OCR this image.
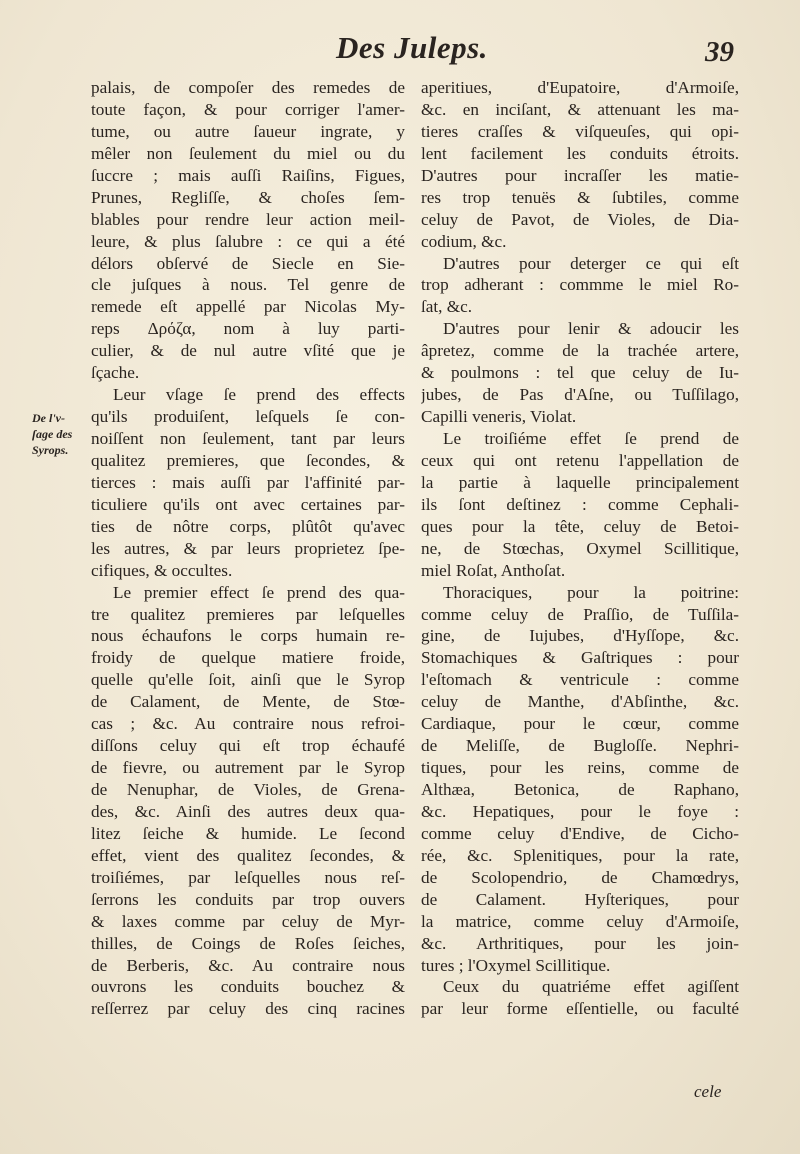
Des Juleps.	39
De l'v-
ſage des
Syrops.
palais, de compoſer des remedes de
toute façon, & pour corriger l'amer-
tume, ou autre ſaueur ingrate, y
mêler non ſeulement du miel ou du
ſuccre ; mais auſſi Raiſins, Figues,
Prunes, Regliſſe, & choſes ſem-
blables pour rendre leur action meil-
leure, & plus ſalubre : ce qui a été
délors obſervé de Siecle en Sie-
cle juſques à nous. Tel genre de
remede eſt appellé par Nicolas My-
reps Δρόζα, nom à luy parti-
culier, & de nul autre vſité que je
ſçache.
Leur vſage ſe prend des effects
qu'ils produiſent, leſquels ſe con-
noiſſent non ſeulement, tant par leurs
qualitez premieres, que ſecondes, &
tierces : mais auſſi par l'affinité par-
ticuliere qu'ils ont avec certaines par-
ties de nôtre corps, plûtôt qu'avec
les autres, & par leurs proprietez ſpe-
cifiques, & occultes.
Le premier effect ſe prend des qua-
tre qualitez premieres par leſquelles
nous échaufons le corps humain re-
froidy de quelque matiere froide,
quelle qu'elle ſoit, ainſi que le Syrop
de Calament, de Mente, de Stœ-
cas ; &c. Au contraire nous refroi-
diſſons celuy qui eſt trop échaufé
de fievre, ou autrement par le Syrop
de Nenuphar, de Violes, de Grena-
des, &c. Ainſi des autres deux qua-
litez ſeiche & humide. Le ſecond
effet, vient des qualitez ſecondes, &
troiſiémes, par leſquelles nous reſ-
ſerrons les conduits par trop ouvers
& laxes comme par celuy de Myr-
thilles, de Coings de Roſes ſeiches,
de Berberis, &c. Au contraire nous
ouvrons les conduits bouchez &
reſſerrez par celuy des cinq racines
aperitiues, d'Eupatoire, d'Armoiſe,
&c. en inciſant, & attenuant les ma-
tieres craſſes & viſqueuſes, qui opi-
lent facilement les conduits étroits.
D'autres pour incraſſer les matie-
res trop tenuës & ſubtiles, comme
celuy de Pavot, de Violes, de Dia-
codium, &c.
D'autres pour deterger ce qui eſt
trop adherant : commme le miel Ro-
ſat, &c.
D'autres pour lenir & adoucir les
âpretez, comme de la trachée artere,
& poulmons : tel que celuy de Iu-
jubes, de Pas d'Aſne, ou Tuſſilago,
Capilli veneris, Violat.
Le troiſiéme effet ſe prend de
ceux qui ont retenu l'appellation de
la partie à laquelle principalement
ils ſont deſtinez : comme Cephali-
ques pour la tête, celuy de Betoi-
ne, de Stœchas, Oxymel Scillitique,
miel Roſat, Anthoſat.
Thoraciques, pour la poitrine:
comme celuy de Praſſio, de Tuſſila-
gine, de Iujubes, d'Hyſſope, &c.
Stomachiques & Gaſtriques : pour
l'eſtomach & ventricule : comme
celuy de Manthe, d'Abſinthe, &c.
Cardiaque, pour le cœur, comme
de Meliſſe, de Bugloſſe. Nephri-
tiques, pour les reins, comme de
Althæa, Betonica, de Raphano,
&c. Hepatiques, pour le foye :
comme celuy d'Endive, de Cicho-
rée, &c. Splenitiques, pour la rate,
de Scolopendrio, de Chamœdrys,
de Calament. Hyſteriques, pour
la matrice, comme celuy d'Armoiſe,
&c. Arthritiques, pour les join-
tures ; l'Oxymel Scillitique.
Ceux du quatriéme effet agiſſent
par leur forme eſſentielle, ou faculté
cele
